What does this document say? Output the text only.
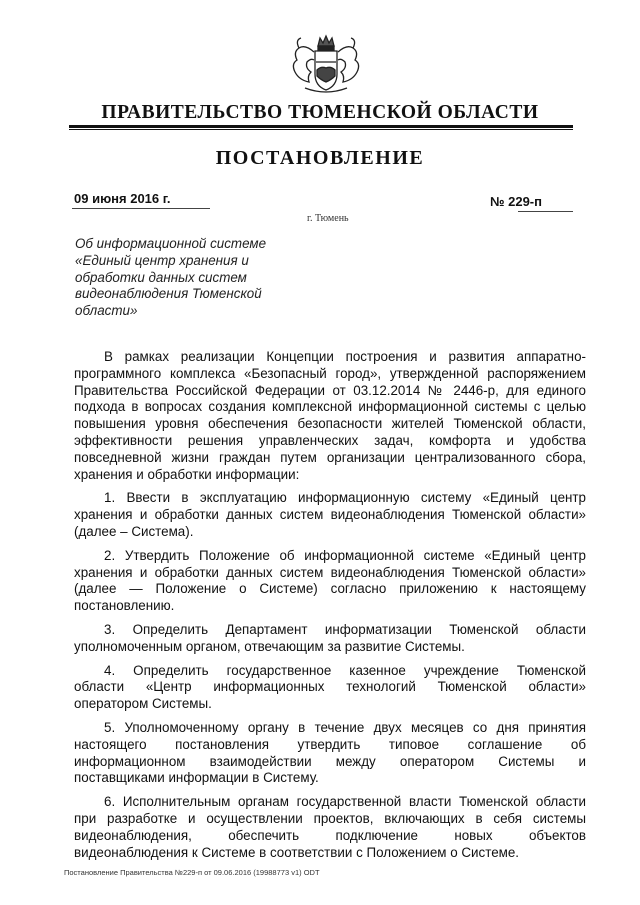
ПРАВИТЕЛЬСТВО ТЮМЕНСКОЙ ОБЛАСТИ
ПОСТАНОВЛЕНИЕ
09 июня 2016 г.	№ 229-п
г. Тюмень
Об информационной системе
«Единый центр хранения и
обработки данных систем
видеонаблюдения Тюменской
области»
В рамках реализации Концепции построения и развития аппаратно-
программного комплекса «Безопасный город», утвержденной распоряжением
Правительства Российской Федерации от 03.12.2014 № 2446-р, для единого
подхода в вопросах создания комплексной информационной системы с целью
повышения уровня обеспечения безопасности жителей Тюменской области,
эффективности решения управленческих задач, комфорта и удобства
повседневной жизни граждан путем организации централизованного сбора,
хранения и обработки информации:
1. Ввести в эксплуатацию информационную систему «Единый центр
хранения и обработки данных систем видеонаблюдения Тюменской области»
(далее – Система).
2. Утвердить Положение об информационной системе «Единый центр
хранения и обработки данных систем видеонаблюдения Тюменской области»
(далее — Положение о Системе) согласно приложению к настоящему
постановлению.
3. Определить Департамент информатизации Тюменской области
уполномоченным органом, отвечающим за развитие Системы.
4. Определить государственное казенное учреждение Тюменской
области «Центр информационных технологий Тюменской области»
оператором Системы.
5. Уполномоченному органу в течение двух месяцев со дня принятия
настоящего постановления утвердить типовое соглашение об
информационном взаимодействии между оператором Системы и
поставщиками информации в Систему.
6. Исполнительным органам государственной власти Тюменской области
при разработке и осуществлении проектов, включающих в себя системы
видеонаблюдения, обеспечить подключение новых объектов
видеонаблюдения к Системе в соответствии с Положением о Системе.
Постановление Правительства №229-п от 09.06.2016 (19988773 v1) ODT
